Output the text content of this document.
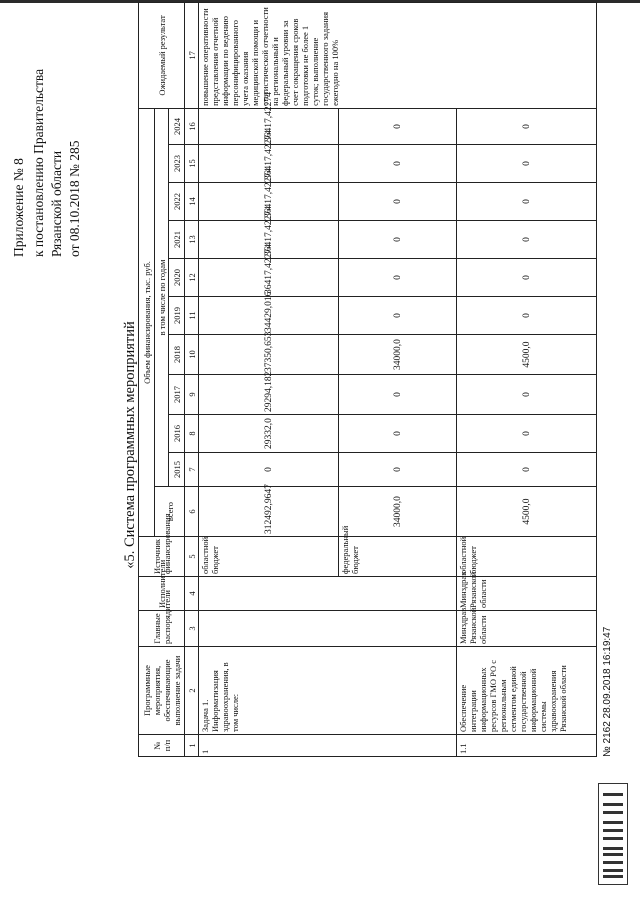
Приложение № 8 к постановлению Правительства Рязанской области от 08.10.2018 № 285
«5. Система программных мероприятий
№ п/п	Программные мероприятия, обеспечивающие выполнение задачи	Главные распорядители	Исполнители	Источник финансирования	Объем финансирования, тыс. руб.											Ожидаемый результат
					всего	в том числе по годам										
						2015	2016	2017	2018	2019	2020	2021	2022	2023	2024	
1	2	3	4	5	6	7	8	9	10	11	12	13	14	15	16	17
1	Задача 1. Информатизация здравоохранения, в том числе:			областной бюджет	312492,9647	0	29332,0	29294,182	37350,653	34429,016	36417,42274	36417,42274	36417,42274	36417,42274	36417,42274	повышение оперативности представления отчетной информации по ведению персонифицированного учета оказания медицинской помощи и статистической отчетности на региональный и федеральный уровни за счет сокращения сроков подготовки не более 1 суток; выполнение государственного задания ежегодно на 100%
				федеральный бюджет	34000,0	0	0	0	34000,0	0	0	0	0	0	0	
1.1	Обеспечение интеграции информационных ресурсов ГМО РО с региональным сегментом единой государственной информационной системы здравоохранения Рязанской области	Минздрав Рязанской области	Минздрав Рязанской области	областной бюджет	4500,0	0	0	0	4500,0	0	0	0	0	0	0	
№ 2162 28.09.2018 16:19:47
